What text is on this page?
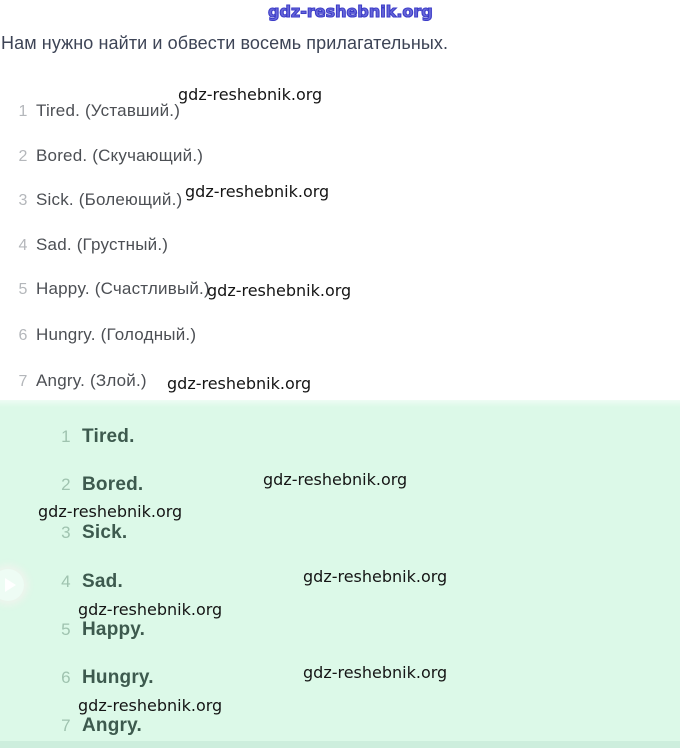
gdz-reshebnik.org
Нам нужно найти и обвести восемь прилагательных.
1 Tired. (Уставший.)
2 Bored. (Скучающий.)
3 Sick. (Болеющий.)
4 Sad. (Грустный.)
5 Happy. (Счастливый.)
6 Hungry. (Голодный.)
7 Angry. (Злой.)
gdz-reshebnik.org
gdz-reshebnik.org
gdz-reshebnik.org
gdz-reshebnik.org
1 Tired.
2 Bored.
3 Sick.
4 Sad.
5 Happy.
6 Hungry.
7 Angry.
gdz-reshebnik.org
gdz-reshebnik.org
gdz-reshebnik.org
gdz-reshebnik.org
gdz-reshebnik.org
gdz-reshebnik.org
